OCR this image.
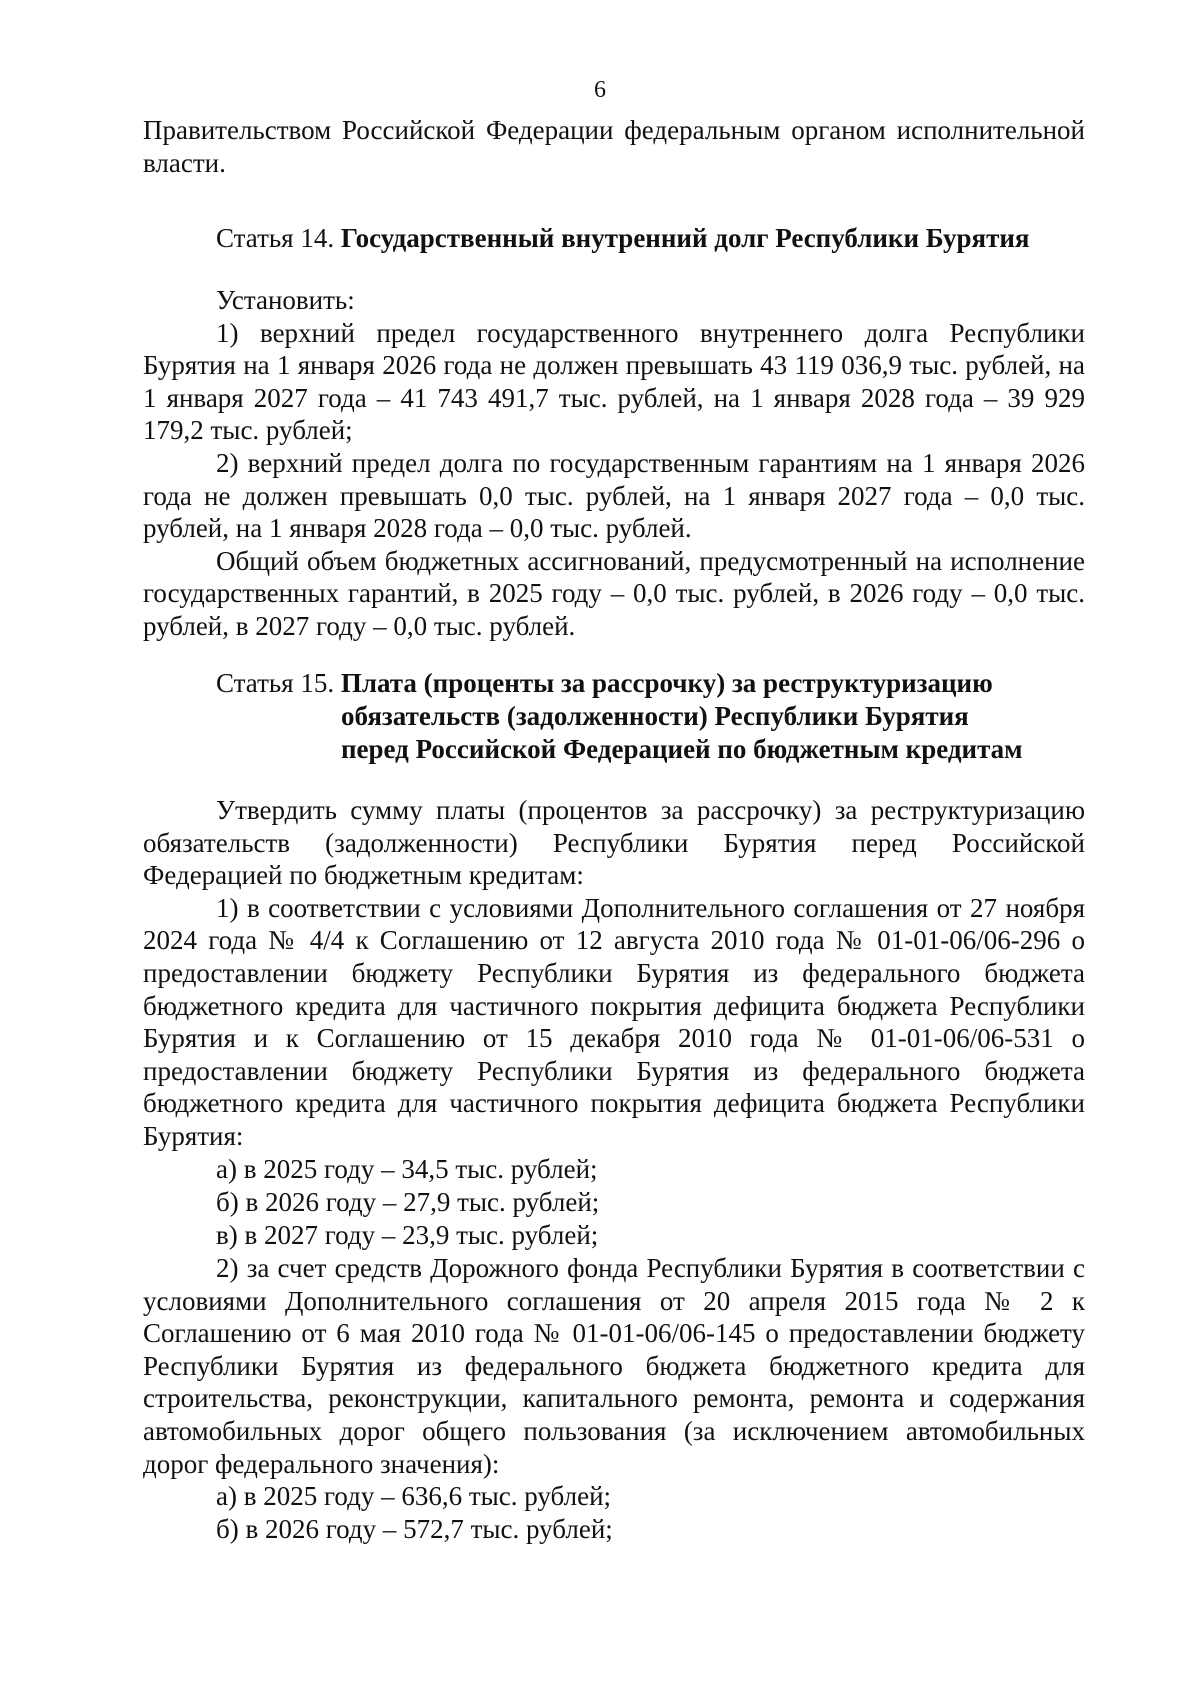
6
Правительством Российской Федерации федеральным органом исполнительной власти.
Статья 14. Государственный внутренний долг Республики Бурятия

Установить:

1) верхний предел государственного внутреннего долга Республики Бурятия на 1 января 2026 года не должен превышать 43 119 036,9 тыс. рублей, на 1 января 2027 года – 41 743 491,7 тыс. рублей, на 1 января 2028 года – 39 929 179,2 тыс. рублей;

2) верхний предел долга по государственным гарантиям на 1 января 2026 года не должен превышать 0,0 тыс. рублей, на 1 января 2027 года – 0,0 тыс. рублей, на 1 января 2028 года – 0,0 тыс. рублей.

Общий объем бюджетных ассигнований, предусмотренный на исполнение государственных гарантий, в 2025 году – 0,0 тыс. рублей, в 2026 году – 0,0 тыс. рублей, в 2027 году – 0,0 тыс. рублей.

Статья 15. Плата (проценты за рассрочку) за реструктуризацию
обязательств (задолженности) Республики Бурятия
перед Российской Федерацией по бюджетным кредитам

Утвердить сумму платы (процентов за рассрочку) за реструктуризацию обязательств (задолженности) Республики Бурятия перед Российской Федерацией по бюджетным кредитам:

1) в соответствии с условиями Дополнительного соглашения от 27 ноября 2024 года № 4/4 к Соглашению от 12 августа 2010 года № 01-01-06/06-296 о предоставлении бюджету Республики Бурятия из федерального бюджета бюджетного кредита для частичного покрытия дефицита бюджета Республики Бурятия и к Соглашению от 15 декабря 2010 года № 01-01-06/06-531 о предоставлении бюджету Республики Бурятия из федерального бюджета бюджетного кредита для частичного покрытия дефицита бюджета Республики Бурятия:

а) в 2025 году – 34,5 тыс. рублей;
б) в 2026 году – 27,9 тыс. рублей;
в) в 2027 году – 23,9 тыс. рублей;

2) за счет средств Дорожного фонда Республики Бурятия в соответствии с условиями Дополнительного соглашения от 20 апреля 2015 года № 2 к Соглашению от 6 мая 2010 года № 01-01-06/06-145 о предоставлении бюджету Республики Бурятия из федерального бюджета бюджетного кредита для строительства, реконструкции, капитального ремонта, ремонта и содержания автомобильных дорог общего пользования (за исключением автомобильных дорог федерального значения):

а) в 2025 году – 636,6 тыс. рублей;
б) в 2026 году – 572,7 тыс. рублей;
